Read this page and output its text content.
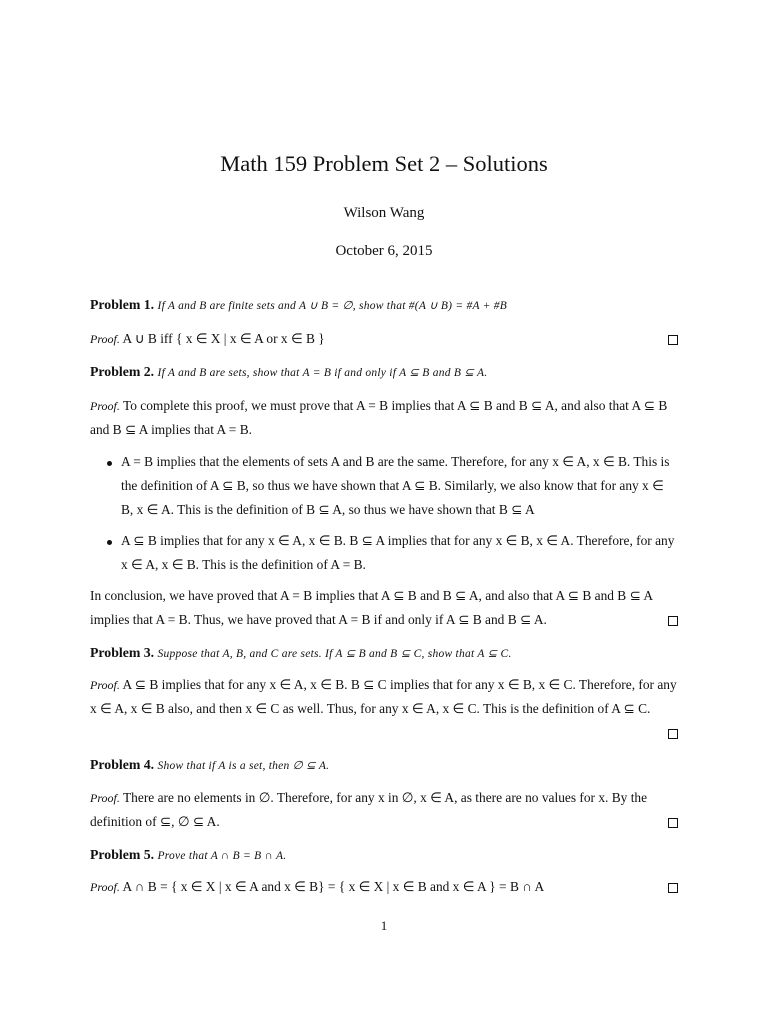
Math 159 Problem Set 2 – Solutions
Wilson Wang
October 6, 2015
Problem 1. If A and B are finite sets and A ∪ B = ∅, show that #(A ∪ B) = #A + #B
Proof. A ∪ B iff { x ∈ X | x ∈ A or x ∈ B }
Problem 2. If A and B are sets, show that A = B if and only if A ⊆ B and B ⊆ A.
Proof. To complete this proof, we must prove that A = B implies that A ⊆ B and B ⊆ A, and also that A ⊆ B and B ⊆ A implies that A = B.
A = B implies that the elements of sets A and B are the same. Therefore, for any x ∈ A, x ∈ B. This is the definition of A ⊆ B, so thus we have shown that A ⊆ B. Similarly, we also know that for any x ∈ B, x ∈ A. This is the definition of B ⊆ A, so thus we have shown that B ⊆ A
A ⊆ B implies that for any x ∈ A, x ∈ B. B ⊆ A implies that for any x ∈ B, x ∈ A. Therefore, for any x ∈ A, x ∈ B. This is the definition of A = B.
In conclusion, we have proved that A = B implies that A ⊆ B and B ⊆ A, and also that A ⊆ B and B ⊆ A implies that A = B. Thus, we have proved that A = B if and only if A ⊆ B and B ⊆ A.
Problem 3. Suppose that A, B, and C are sets. If A ⊆ B and B ⊆ C, show that A ⊆ C.
Proof. A ⊆ B implies that for any x ∈ A, x ∈ B. B ⊆ C implies that for any x ∈ B, x ∈ C. Therefore, for any x ∈ A, x ∈ B also, and then x ∈ C as well. Thus, for any x ∈ A, x ∈ C. This is the definition of A ⊆ C.
Problem 4. Show that if A is a set, then ∅ ⊆ A.
Proof. There are no elements in ∅. Therefore, for any x in ∅, x ∈ A, as there are no values for x. By the definition of ⊆, ∅ ⊆ A.
Problem 5. Prove that A ∩ B = B ∩ A.
Proof. A ∩ B = { x ∈ X | x ∈ A and x ∈ B} = { x ∈ X | x ∈ B and x ∈ A } = B ∩ A
1
